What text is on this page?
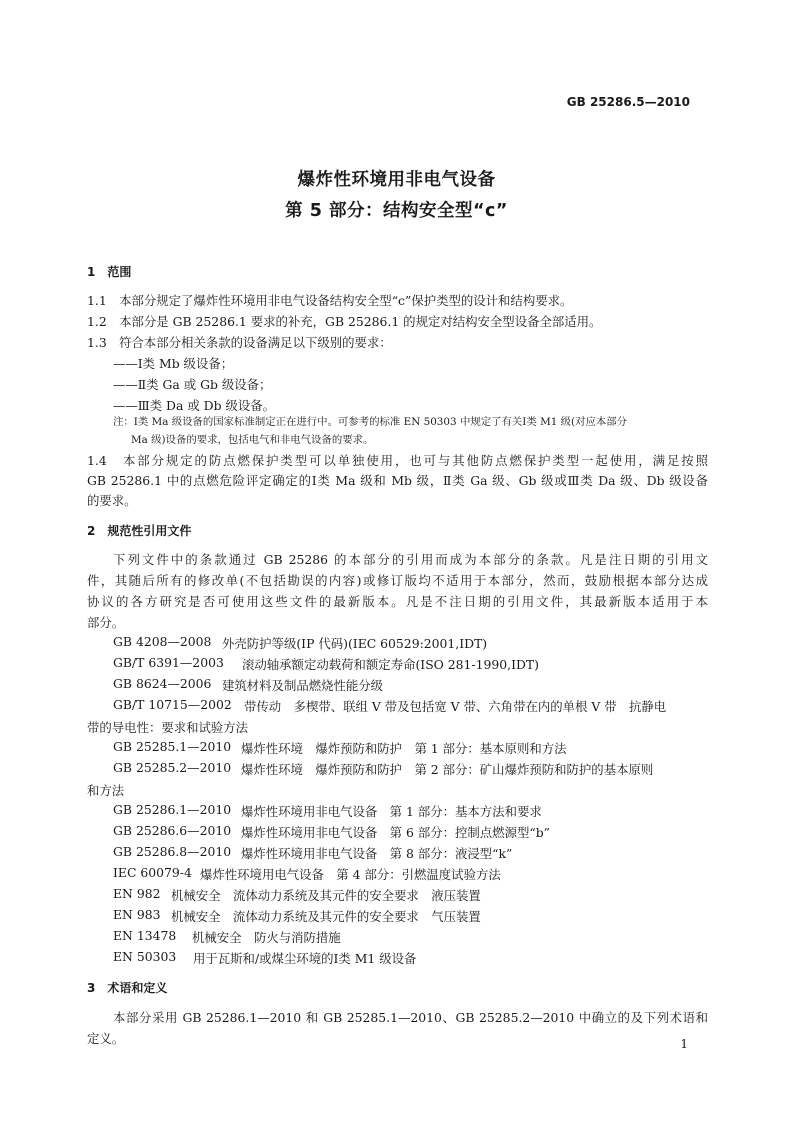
GB 25286.5—2010
爆炸性环境用非电气设备
第 5 部分：结构安全型“c”
1　范围
1.1　本部分规定了爆炸性环境用非电气设备结构安全型“c”保护类型的设计和结构要求。
1.2　本部分是 GB 25286.1 要求的补充，GB 25286.1 的规定对结构安全型设备全部适用。
1.3　符合本部分相关条款的设备满足以下级别的要求：
——Ⅰ类 Mb 级设备；
——Ⅱ类 Ga 或 Gb 级设备；
——Ⅲ类 Da 或 Db 级设备。
注：Ⅰ类 Ma 级设备的国家标准制定正在进行中。可参考的标准 EN 50303 中规定了有关Ⅰ类 M1 级(对应本部分
Ma 级)设备的要求，包括电气和非电气设备的要求。
1.4　本部分规定的防点燃保护类型可以单独使用，也可与其他防点燃保护类型一起使用，满足按照
GB 25286.1 中的点燃危险评定确定的Ⅰ类 Ma 级和 Mb 级，Ⅱ类 Ga 级、Gb 级或Ⅲ类 Da 级、Db 级设备
的要求。
2　规范性引用文件
下列文件中的条款通过 GB 25286 的本部分的引用而成为本部分的条款。凡是注日期的引用文
件，其随后所有的修改单(不包括勘误的内容)或修订版均不适用于本部分，然而，鼓励根据本部分达成
协议的各方研究是否可使用这些文件的最新版本。凡是不注日期的引用文件，其最新版本适用于本
部分。
GB 4208—2008 外壳防护等级(IP 代码)(IEC 60529:2001,IDT)
GB/T 6391—2003	滚动轴承额定动载荷和额定寿命(ISO 281-1990,IDT)
GB 8624—2006 建筑材料及制品燃烧性能分级
GB/T 10715—2002 带传动　多楔带、联组 V 带及包括宽 V 带、六角带在内的单根 V 带　抗静电
带的导电性：要求和试验方法
GB 25285.1—2010 爆炸性环境　爆炸预防和防护　第 1 部分：基本原则和方法
GB 25285.2—2010 爆炸性环境　爆炸预防和防护　第 2 部分：矿山爆炸预防和防护的基本原则
和方法
GB 25286.1—2010 爆炸性环境用非电气设备　第 1 部分：基本方法和要求
GB 25286.6—2010 爆炸性环境用非电气设备　第 6 部分：控制点燃源型“b”
GB 25286.8—2010 爆炸性环境用非电气设备　第 8 部分：液浸型“k”
IEC 60079-4 爆炸性环境用电气设备　第 4 部分：引燃温度试验方法
EN 982 机械安全　流体动力系统及其元件的安全要求　液压装置
EN 983 机械安全　流体动力系统及其元件的安全要求　气压装置
EN 13478	机械安全　防火与消防措施
EN 50303	用于瓦斯和/或煤尘环境的Ⅰ类 M1 级设备
3　术语和定义
本部分采用 GB 25286.1—2010 和 GB 25285.1—2010、GB 25285.2—2010 中确立的及下列术语和
定义。	1
